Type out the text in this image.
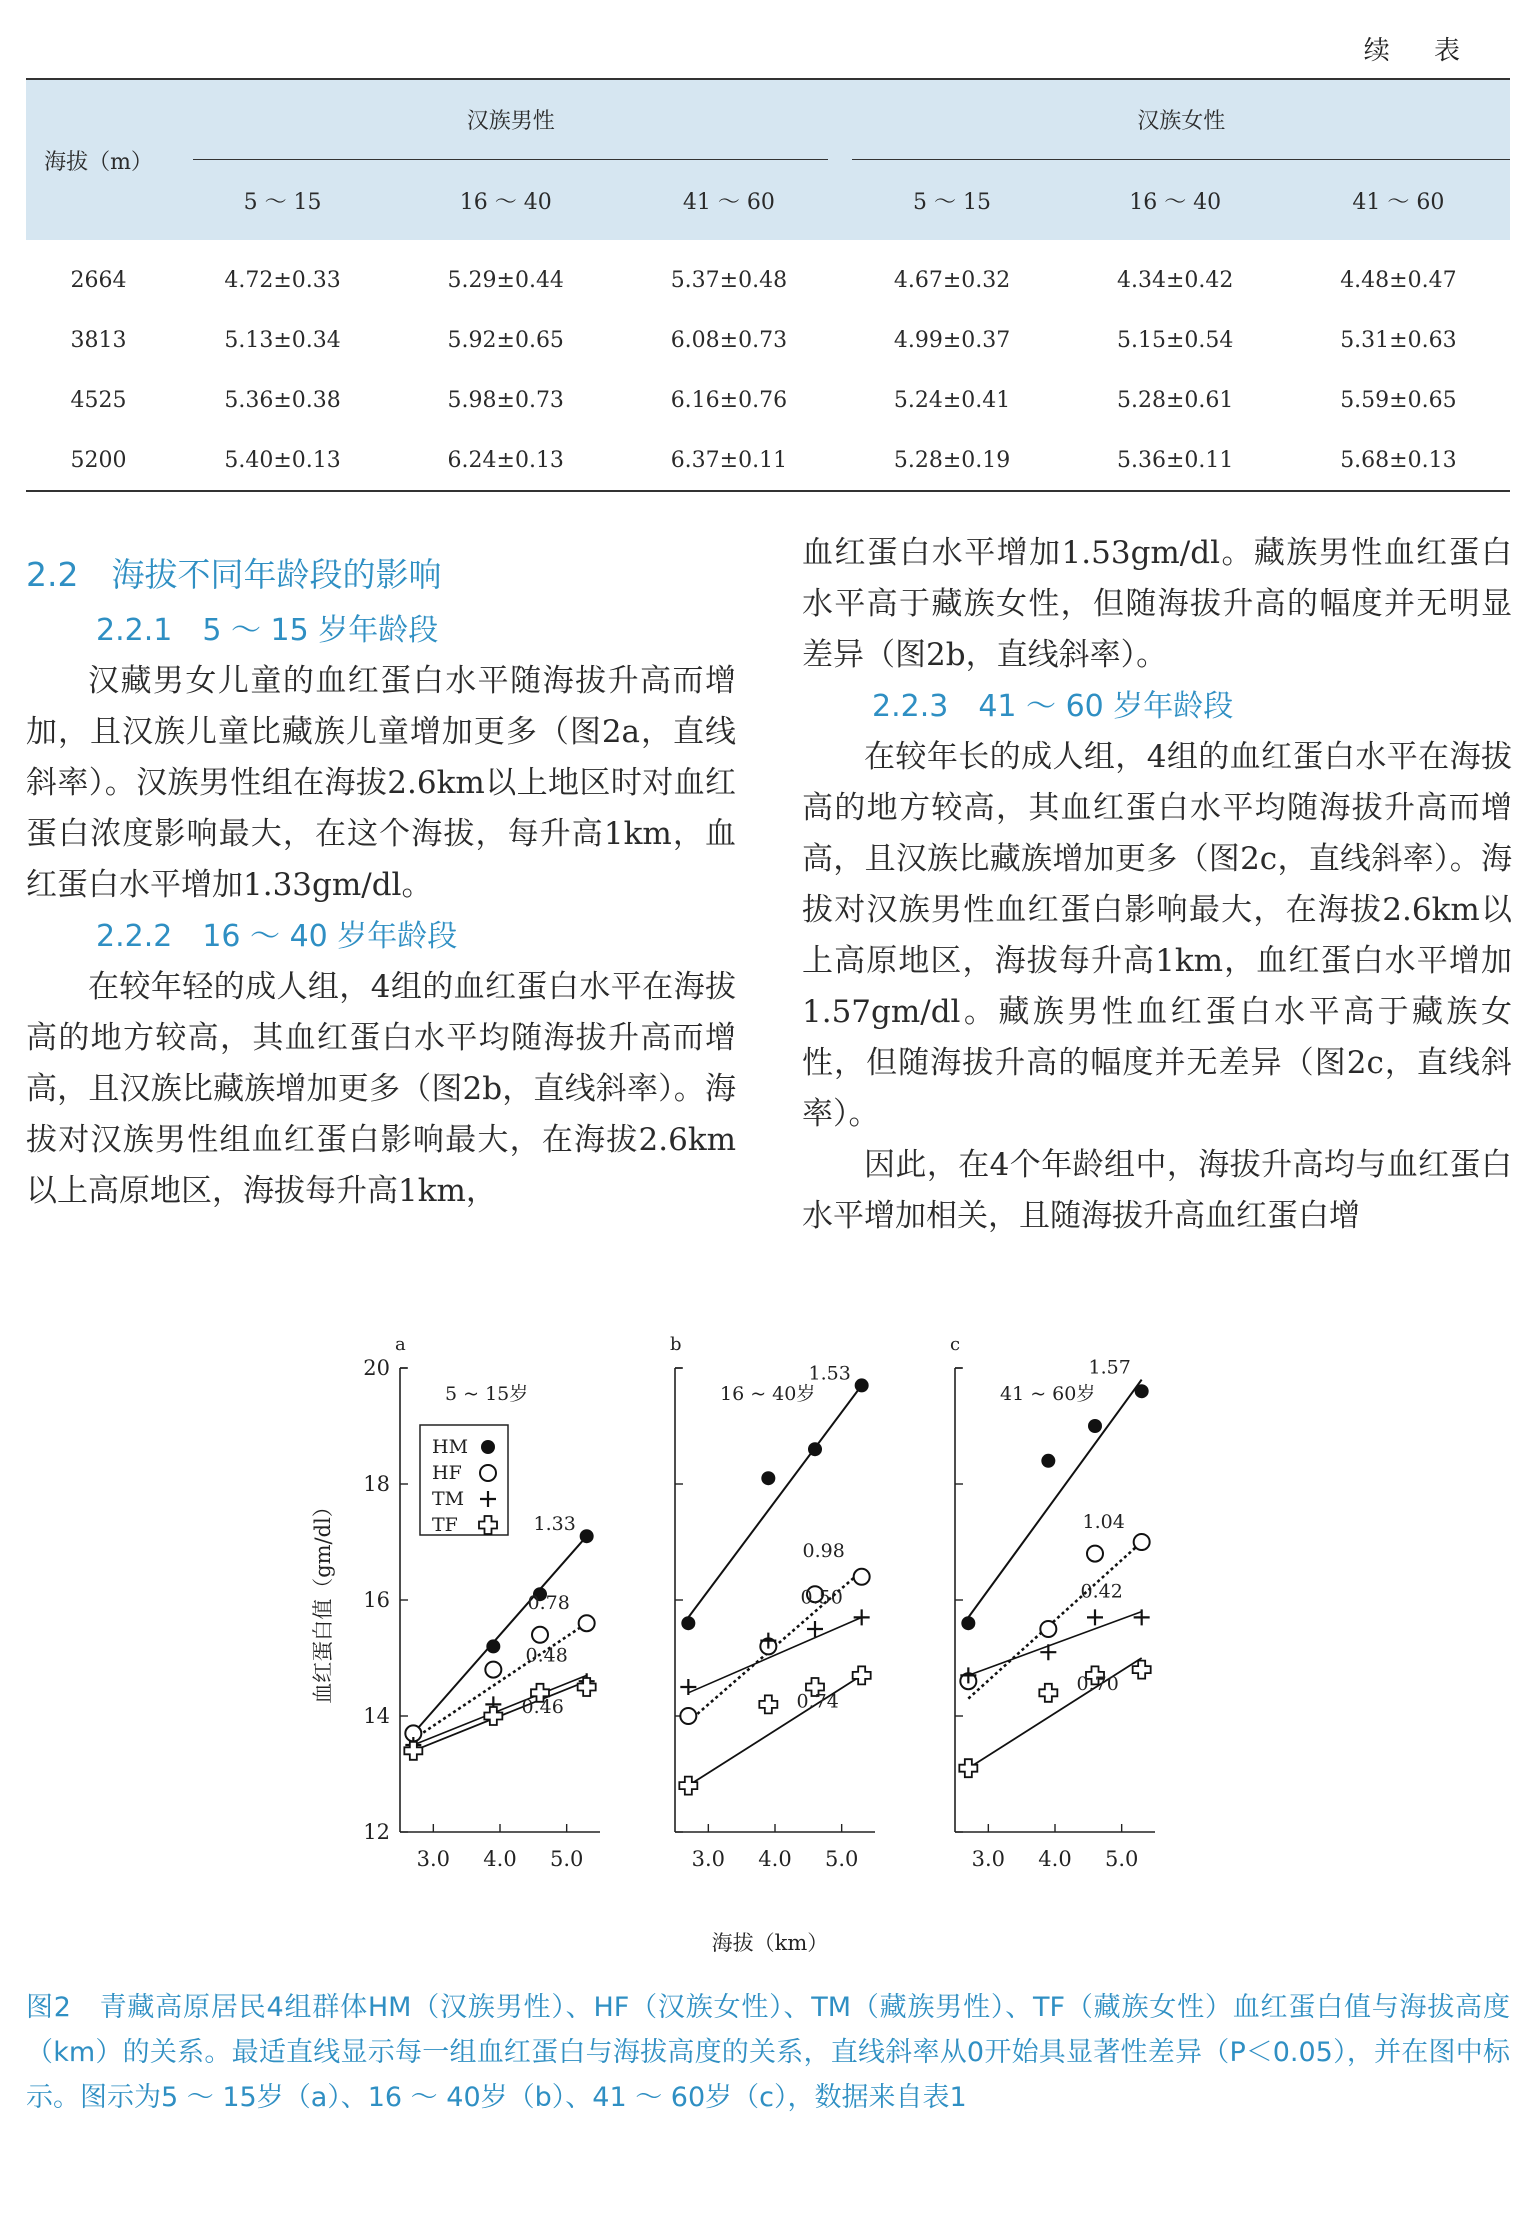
续 表
海拔（m）	汉族男性			汉族女性		

	5 ～ 15	16 ～ 40	41 ～ 60	5 ～ 15	16 ～ 40	41 ～ 60
2664	4.72±0.33	5.29±0.44	5.37±0.48	4.67±0.32	4.34±0.42	4.48±0.47
3813	5.13±0.34	5.92±0.65	6.08±0.73	4.99±0.37	5.15±0.54	5.31±0.63
4525	5.36±0.38	5.98±0.73	6.16±0.76	5.24±0.41	5.28±0.61	5.59±0.65
5200	5.40±0.13	6.24±0.13	6.37±0.11	5.28±0.19	5.36±0.11	5.68±0.13

2.2　海拔不同年龄段的影响

2.2.1　5 ～ 15 岁年龄段

汉藏男女儿童的血红蛋白水平随海拔升高而增加，且汉族儿童比藏族儿童增加更多（图2a，直线斜率）。汉族男性组在海拔2.6km以上地区时对血红蛋白浓度影响最大，在这个海拔，每升高1km，血红蛋白水平增加1.33gm/dl。

2.2.2　16 ～ 40 岁年龄段

在较年轻的成人组，4组的血红蛋白水平在海拔高的地方较高，其血红蛋白水平均随海拔升高而增高，且汉族比藏族增加更多（图2b，直线斜率）。海拔对汉族男性组血红蛋白影响最大，在海拔2.6km以上高原地区，海拔每升高1km，

血红蛋白水平增加1.53gm/dl。藏族男性血红蛋白水平高于藏族女性，但随海拔升高的幅度并无明显差异（图2b，直线斜率）。

2.2.3　41 ～ 60 岁年龄段

在较年长的成人组，4组的血红蛋白水平在海拔高的地方较高，其血红蛋白水平均随海拔升高而增高，且汉族比藏族增加更多（图2c，直线斜率）。海拔对汉族男性血红蛋白影响最大，在海拔2.6km以上高原地区，海拔每升高1km，血红蛋白水平增加1.57gm/dl。藏族男性血红蛋白水平高于藏族女性，但随海拔升高的幅度并无差异（图2c，直线斜率）。

因此，在4个年龄组中，海拔升高均与血红蛋白水平增加相关，且随海拔升高血红蛋白增

血红蛋白值（gm/dl）
海拔（km）
a
12
14
16
18
20
3.0 4.0 5.0
5 ~ 15岁
1.33
0.78
0.48
0.46
b
3.0 4.0 5.0
16 ~ 40岁
1.53
0.98
0.50
0.74
c
3.0 4.0 5.0
41 ~ 60岁
1.57
1.04
0.42
0.70
HM
HF
TM
TF
图2　青藏高原居民4组群体HM（汉族男性）、HF（汉族女性）、TM（藏族男性）、TF（藏族女性）血红蛋白值与海拔高度（km）的关系。最适直线显示每一组血红蛋白与海拔高度的关系，直线斜率从0开始具显著性差异（P＜0.05），并在图中标示。图示为5 ～ 15岁（a）、16 ～ 40岁（b）、41 ～ 60岁（c），数据来自表1
